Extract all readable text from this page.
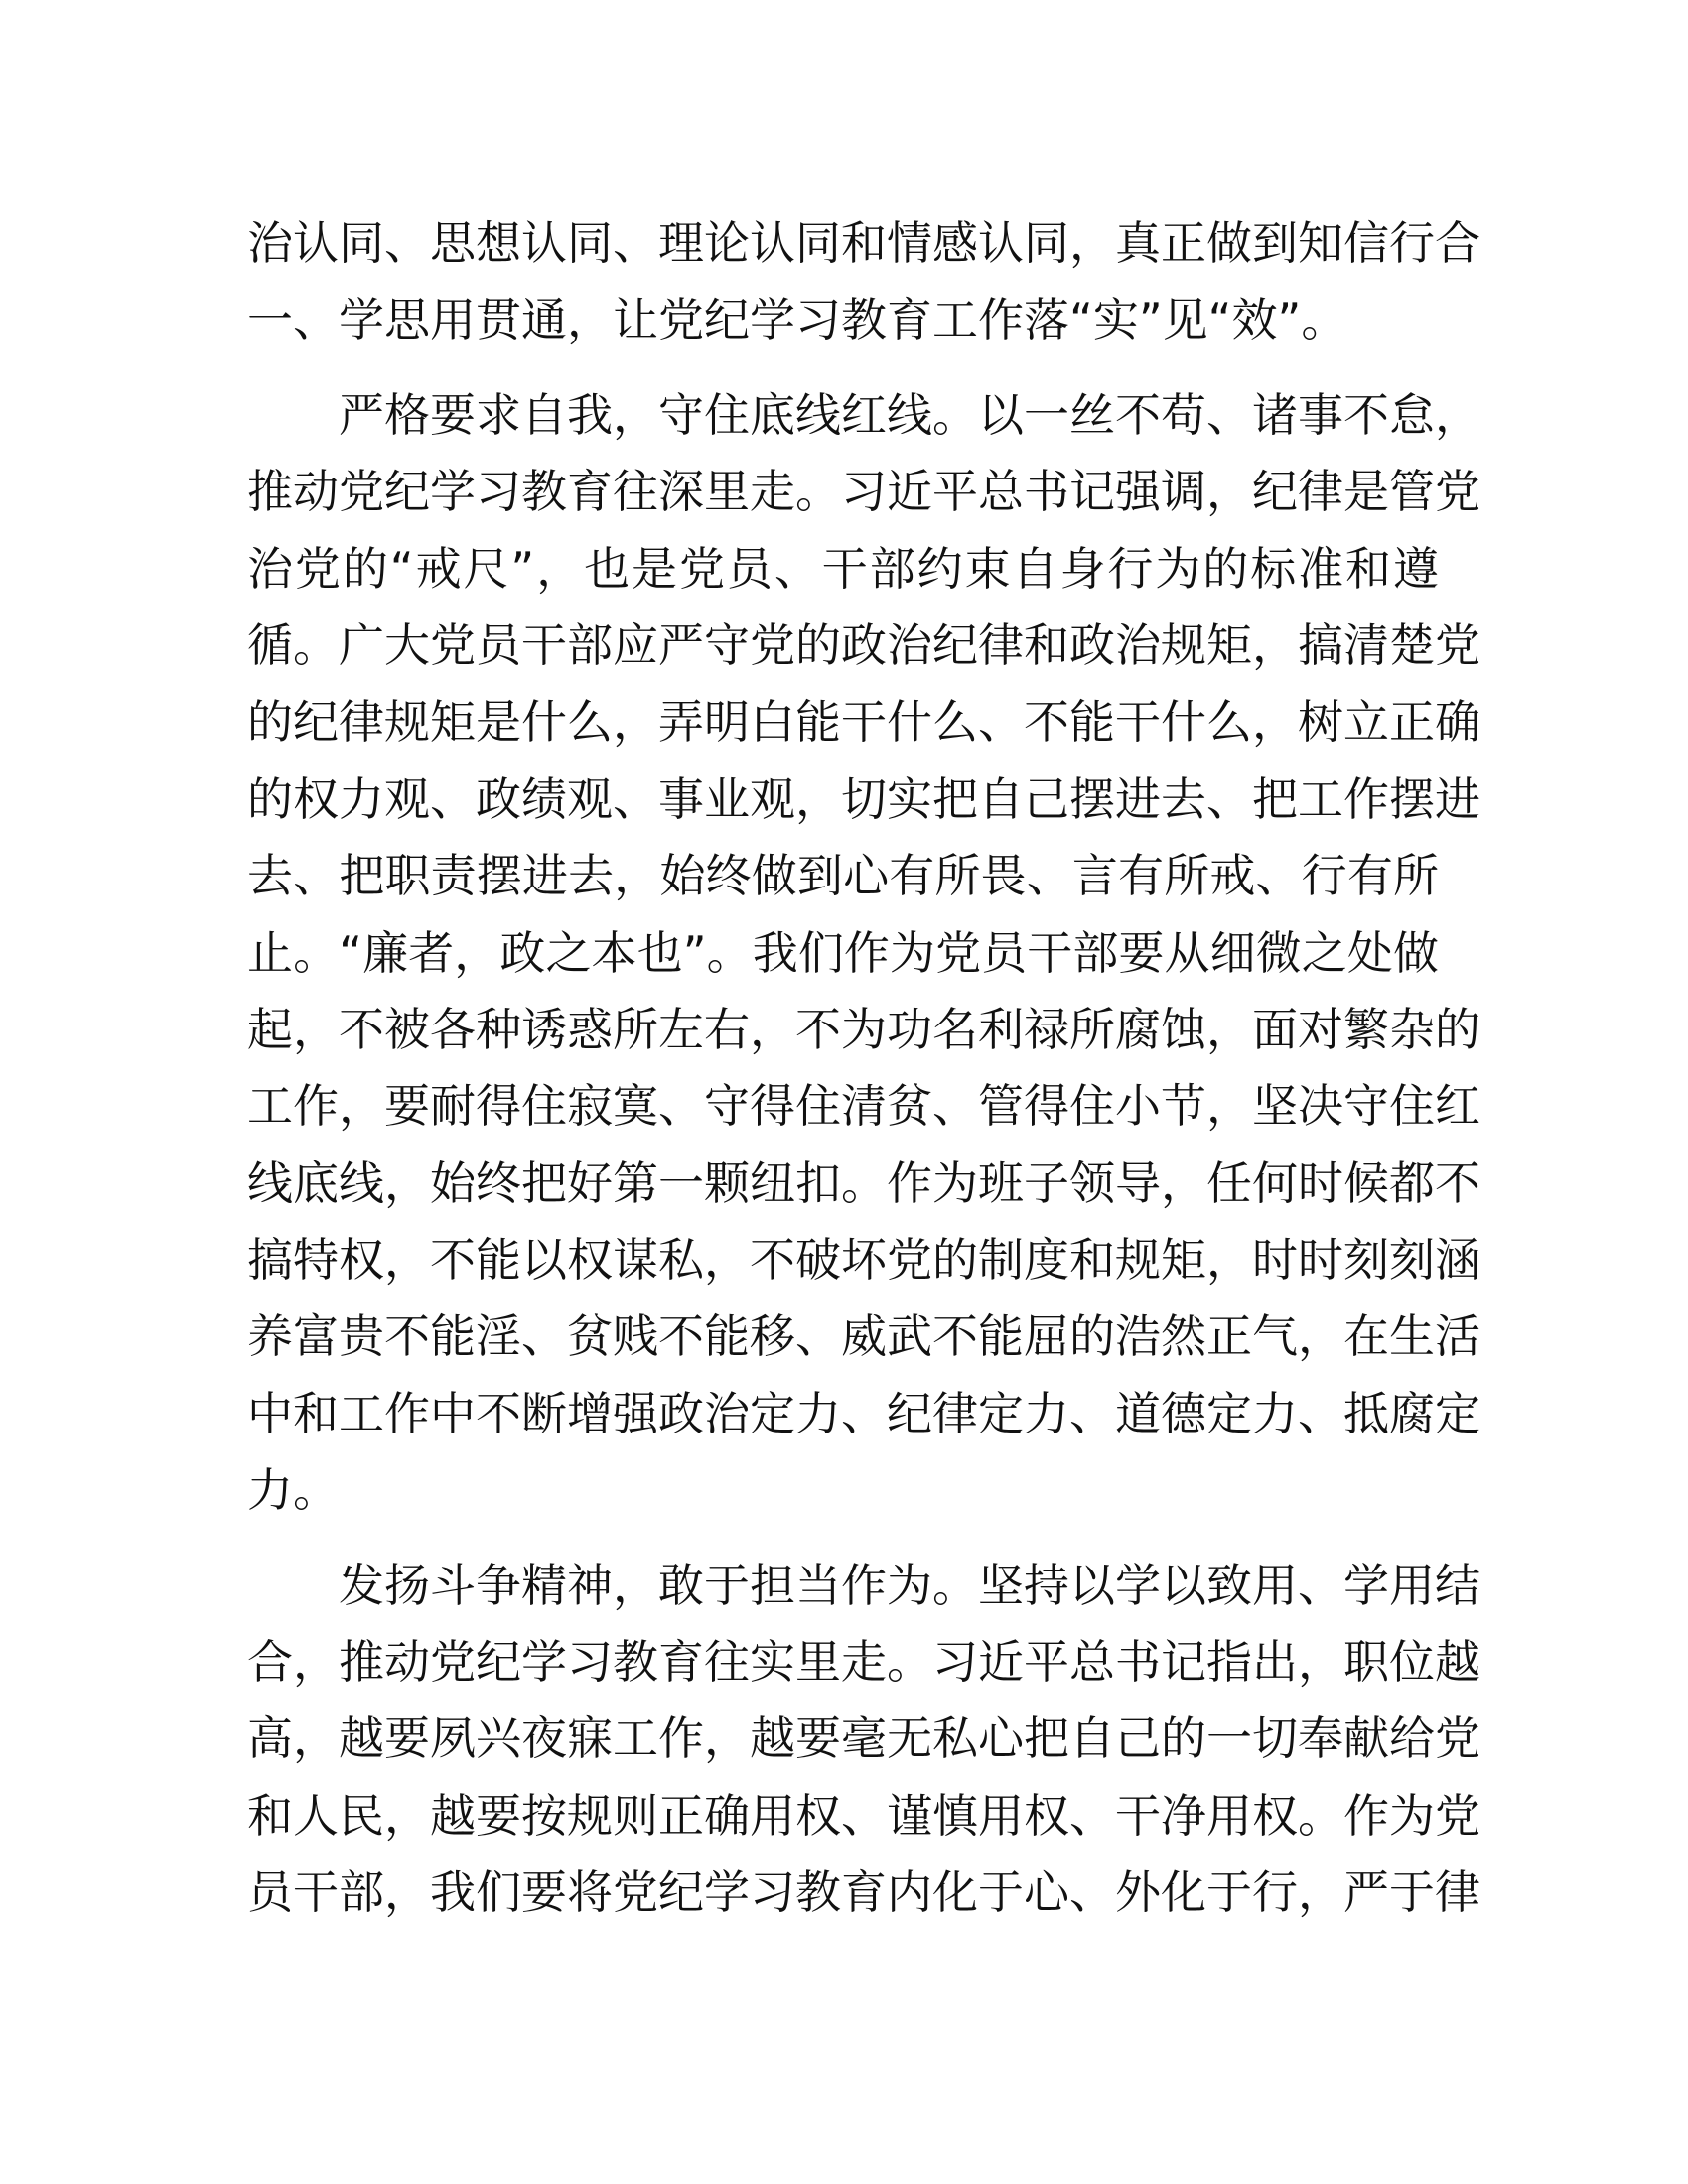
治认同、思想认同、理论认同和情感认同，真正做到知信行合
一、学思用贯通，让党纪学习教育工作落“实”见“效”。
严格要求自我，守住底线红线。以一丝不苟、诸事不怠，
推动党纪学习教育往深里走。习近平总书记强调，纪律是管党
治党的“戒尺”，也是党员、干部约束自身行为的标准和遵
循。广大党员干部应严守党的政治纪律和政治规矩，搞清楚党
的纪律规矩是什么，弄明白能干什么、不能干什么，树立正确
的权力观、政绩观、事业观，切实把自己摆进去、把工作摆进
去、把职责摆进去，始终做到心有所畏、言有所戒、行有所
止。“廉者，政之本也”。我们作为党员干部要从细微之处做
起，不被各种诱惑所左右，不为功名利禄所腐蚀，面对繁杂的
工作，要耐得住寂寞、守得住清贫、管得住小节，坚决守住红
线底线，始终把好第一颗纽扣。作为班子领导，任何时候都不
搞特权，不能以权谋私，不破坏党的制度和规矩，时时刻刻涵
养富贵不能淫、贫贱不能移、威武不能屈的浩然正气，在生活
中和工作中不断增强政治定力、纪律定力、道德定力、抵腐定
力。
发扬斗争精神，敢于担当作为。坚持以学以致用、学用结
合，推动党纪学习教育往实里走。习近平总书记指出，职位越
高，越要夙兴夜寐工作，越要毫无私心把自己的一切奉献给党
和人民，越要按规则正确用权、谨慎用权、干净用权。作为党
员干部，我们要将党纪学习教育内化于心、外化于行，严于律
